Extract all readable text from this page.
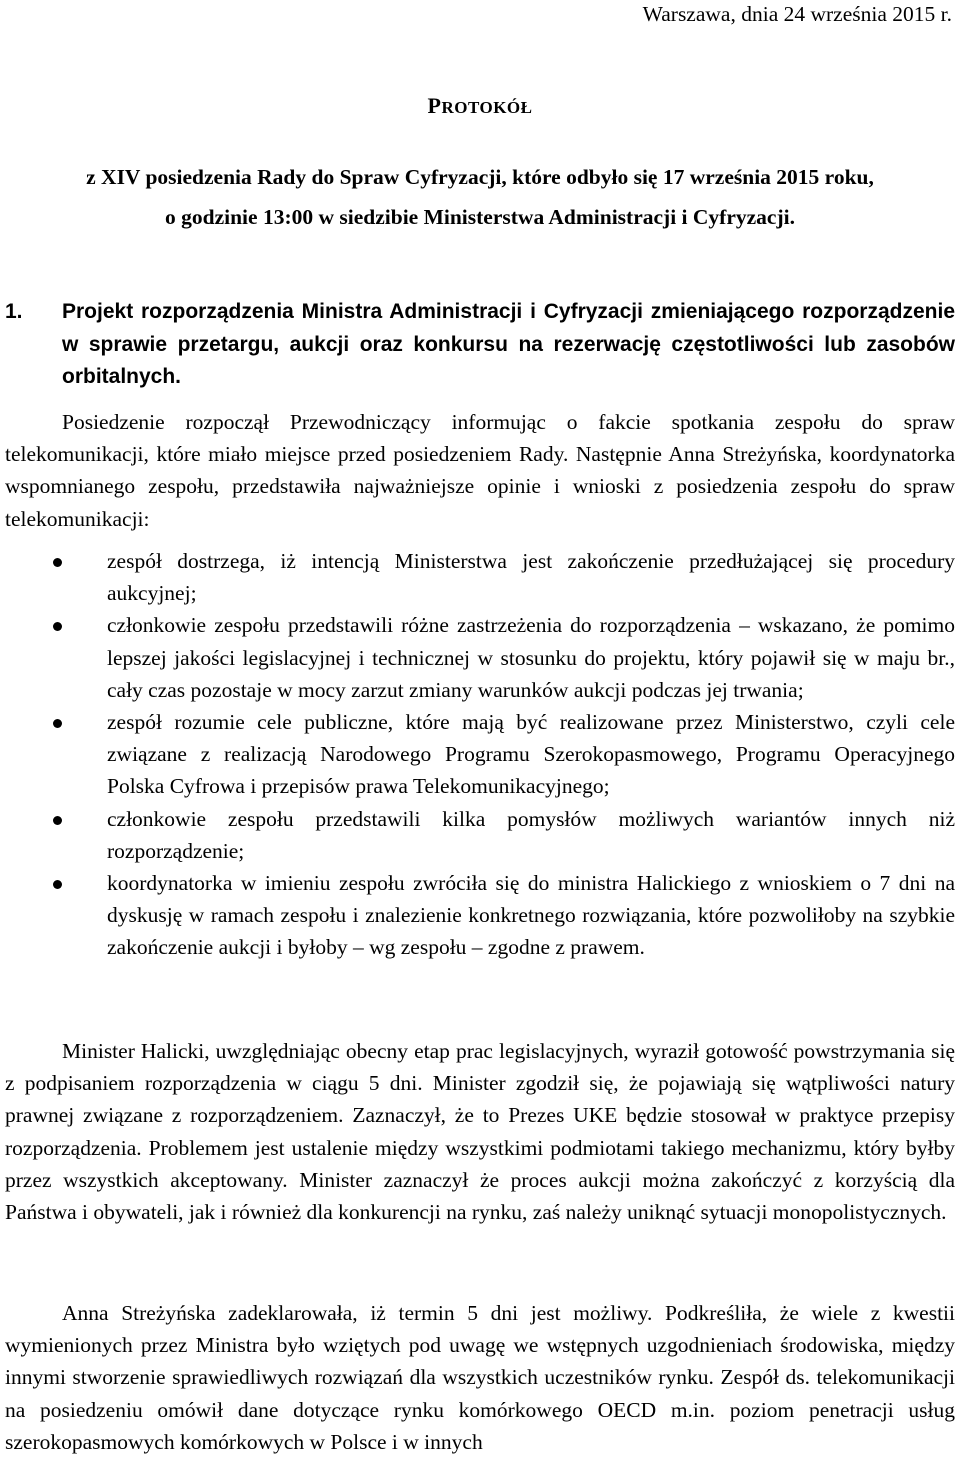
Warszawa, dnia 24 września 2015 r.
PROTOKÓŁ
z XIV posiedzenia Rady do Spraw Cyfryzacji, które odbyło się 17 września 2015 roku,
o godzinie 13:00 w siedzibie Ministerstwa Administracji i Cyfryzacji.
1.	Projekt rozporządzenia Ministra Administracji i Cyfryzacji zmieniającego rozporządzenie w sprawie przetargu, aukcji oraz konkursu na rezerwację częstotliwości lub zasobów orbitalnych.
Posiedzenie rozpoczął Przewodniczący informując o fakcie spotkania zespołu do spraw telekomunikacji, które miało miejsce przed posiedzeniem Rady. Następnie Anna Streżyńska, koordynatorka wspomnianego zespołu, przedstawiła najważniejsze opinie i wnioski z posiedzenia zespołu do spraw telekomunikacji:
zespół dostrzega, iż intencją Ministerstwa jest zakończenie przedłużającej się procedury aukcyjnej;
członkowie zespołu przedstawili różne zastrzeżenia do rozporządzenia – wskazano, że pomimo lepszej jakości legislacyjnej i technicznej w stosunku do projektu, który pojawił się w maju br., cały czas pozostaje w mocy zarzut zmiany warunków aukcji podczas jej trwania;
zespół rozumie cele publiczne, które mają być realizowane przez Ministerstwo, czyli cele związane z realizacją Narodowego Programu Szerokopasmowego, Programu Operacyjnego Polska Cyfrowa i przepisów prawa Telekomunikacyjnego;
członkowie zespołu przedstawili kilka pomysłów możliwych wariantów innych niż rozporządzenie;
koordynatorka w imieniu zespołu zwróciła się do ministra Halickiego z wnioskiem o 7 dni na dyskusję w ramach zespołu i znalezienie konkretnego rozwiązania, które pozwoliłoby na szybkie zakończenie aukcji i byłoby – wg zespołu – zgodne z prawem.
Minister Halicki, uwzględniając obecny etap prac legislacyjnych, wyraził gotowość powstrzymania się z podpisaniem rozporządzenia w ciągu 5 dni. Minister zgodził się, że pojawiają się wątpliwości natury prawnej związane z rozporządzeniem. Zaznaczył, że to Prezes UKE będzie stosował w praktyce przepisy rozporządzenia. Problemem jest ustalenie między wszystkimi podmiotami takiego mechanizmu, który byłby przez wszystkich akceptowany. Minister zaznaczył że proces aukcji można zakończyć z korzyścią dla Państwa i obywateli, jak i również dla konkurencji na rynku, zaś należy uniknąć sytuacji monopolistycznych.
Anna Streżyńska zadeklarowała, iż termin 5 dni jest możliwy. Podkreśliła, że wiele z kwestii wymienionych przez Ministra było wziętych pod uwagę we wstępnych uzgodnieniach środowiska, między innymi stworzenie sprawiedliwych rozwiązań dla wszystkich uczestników rynku. Zespół ds. telekomunikacji na posiedzeniu omówił dane dotyczące rynku komórkowego OECD m.in. poziom penetracji usług szerokopasmowych komórkowych w Polsce i w innych
